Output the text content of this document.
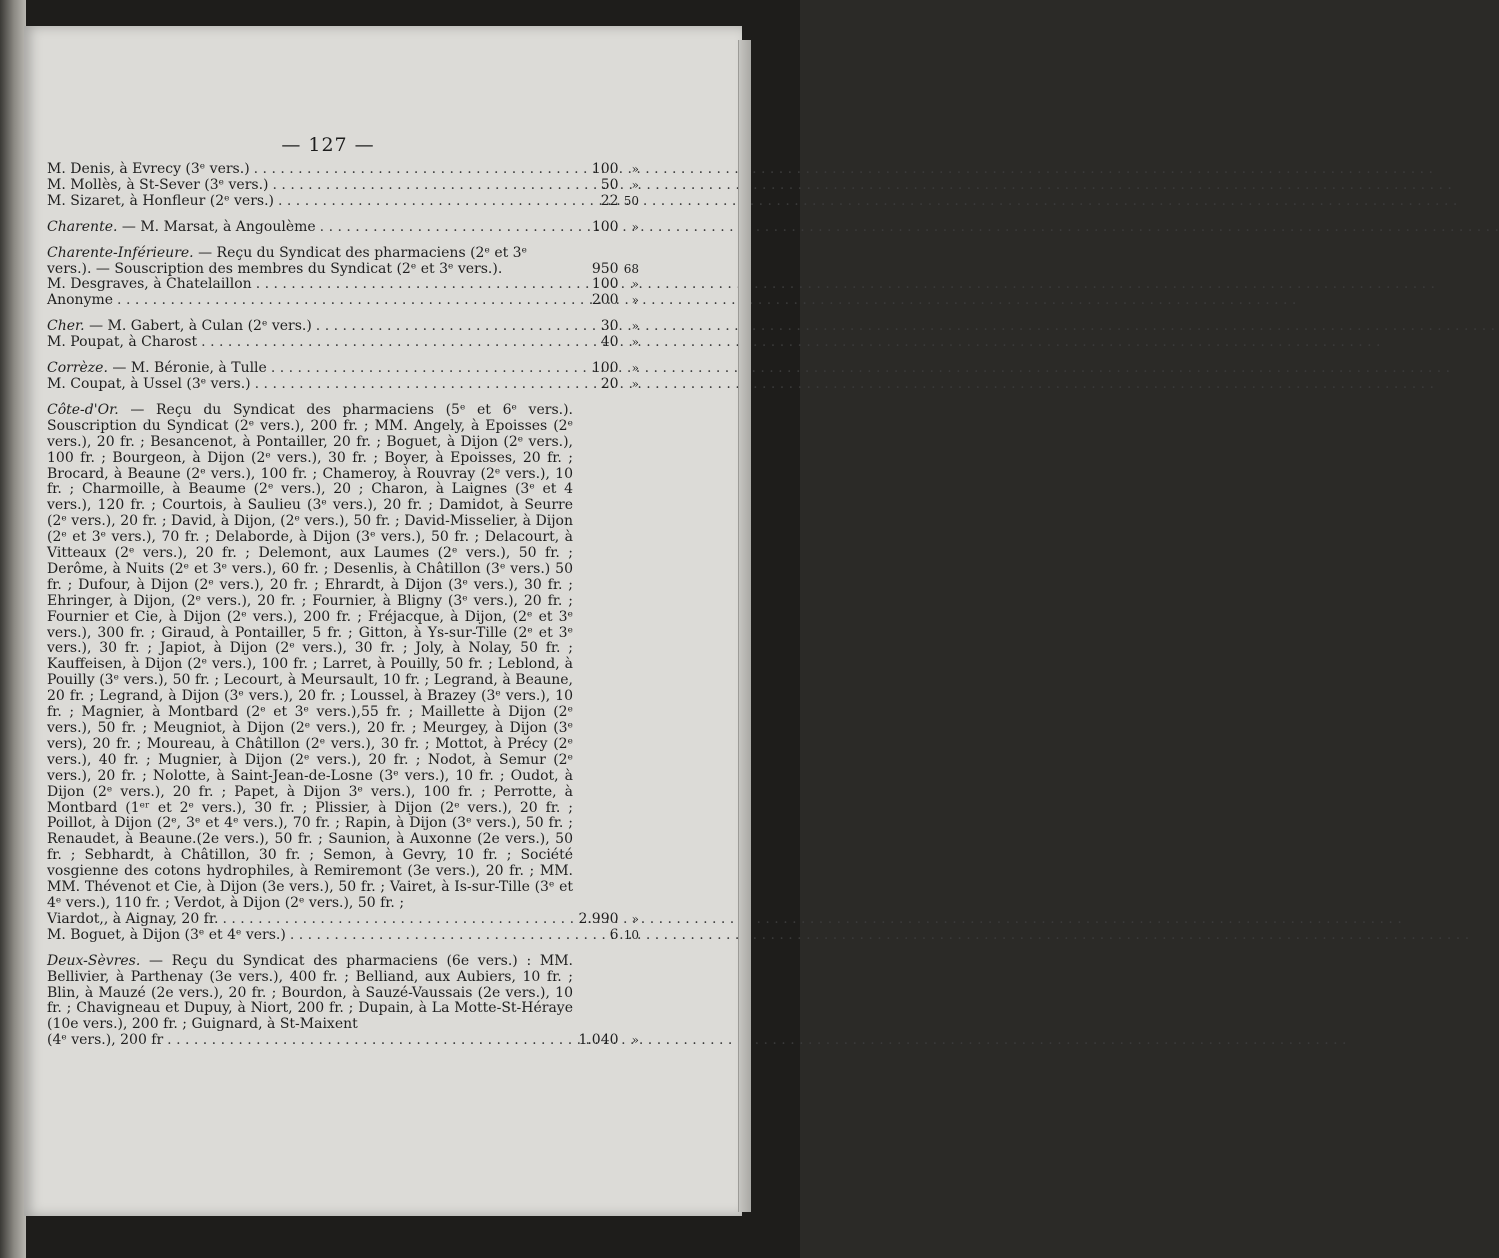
— 127 —
M. Denis, à Evrecy (3ᵉ vers.) . . .	100 »
M. Mollès, à St-Sever (3ᵉ vers.) . . .	50 »
M. Sizaret, à Honfleur (2ᵉ vers.) . . .	22 50
Charente. — M. Marsat, à Angoulème . . .	100 »
Charente-Inférieure. — Reçu du Syndicat des pharmaciens (2ᵉ et 3ᵉ

vers.). — Souscription des membres du Syndicat (2ᵉ et 3ᵉ vers.).	950 68
M. Desgraves, à Chatelaillon . . .	100 »
Anonyme . . .	200 »
Cher. — M. Gabert, à Culan (2ᵉ vers.) . . .	30 »
M. Poupat, à Charost . . .	40 »
Corrèze. — M. Béronie, à Tulle . . .	100 »
M. Coupat, à Ussel (3ᵉ vers.) . . .	20 »
Côte-d'Or. — Reçu du Syndicat des pharmaciens (5ᵉ et 6ᵉ vers.). Souscription du Syndicat (2ᵉ vers.), 200 fr. ; MM. Angely, à Epoisses (2ᵉ vers.), 20 fr. ; Besancenot, à Pontailler, 20 fr. ; Boguet, à Dijon (2ᵉ vers.), 100 fr. ; Bourgeon, à Dijon (2ᵉ vers.), 30 fr. ; Boyer, à Epoisses, 20 fr. ; Brocard, à Beaune (2ᵉ vers.), 100 fr. ; Chameroy, à Rouvray (2ᵉ vers.), 10 fr. ; Charmoille, à Beaume (2ᵉ vers.), 20 ; Charon, à Laignes (3ᵉ et 4 vers.), 120 fr. ; Courtois, à Saulieu (3ᵉ vers.), 20 fr. ; Damidot, à Seurre (2ᵉ vers.), 20 fr. ; David, à Dijon, (2ᵉ vers.), 50 fr. ; David-Misselier, à Dijon (2ᵉ et 3ᵉ vers.), 70 fr. ; Delaborde, à Dijon (3ᵉ vers.), 50 fr. ; Delacourt, à Vitteaux (2ᵉ vers.), 20 fr. ; Delemont, aux Laumes (2ᵉ vers.), 50 fr. ; Derôme, à Nuits (2ᵉ et 3ᵉ vers.), 60 fr. ; Desenlis, à Châtillon (3ᵉ vers.) 50 fr. ; Dufour, à Dijon (2ᵉ vers.), 20 fr. ; Ehrardt, à Dijon (3ᵉ vers.), 30 fr. ; Ehringer, à Dijon, (2ᵉ vers.), 20 fr. ; Fournier, à Bligny (3ᵉ vers.), 20 fr. ; Fournier et Cie, à Dijon (2ᵉ vers.), 200 fr. ; Fréjacque, à Dijon, (2ᵉ et 3ᵉ vers.), 300 fr. ; Giraud, à Pontailler, 5 fr. ; Gitton, à Ys-sur-Tille (2ᵉ et 3ᵉ vers.), 30 fr. ; Japiot, à Dijon (2ᵉ vers.), 30 fr. ; Joly, à Nolay, 50 fr. ; Kauffeisen, à Dijon (2ᵉ vers.), 100 fr. ; Larret, à Pouilly, 50 fr. ; Leblond, à Pouilly (3ᵉ vers.), 50 fr. ; Lecourt, à Meursault, 10 fr. ; Legrand, à Beaune, 20 fr. ; Legrand, à Dijon (3ᵉ vers.), 20 fr. ; Loussel, à Brazey (3ᵉ vers.), 10 fr. ; Magnier, à Montbard (2ᵉ et 3ᵉ vers.),55 fr. ; Maillette à Dijon (2ᵉ vers.), 50 fr. ; Meugniot, à Dijon (2ᵉ vers.), 20 fr. ; Meurgey, à Dijon (3ᵉ vers), 20 fr. ; Moureau, à Châtillon (2ᵉ vers.), 30 fr. ; Mottot, à Précy (2ᵉ vers.), 40 fr. ; Mugnier, à Dijon (2ᵉ vers.), 20 fr. ; Nodot, à Semur (2ᵉ vers.), 20 fr. ; Nolotte, à Saint-Jean-de-Losne (3ᵉ vers.), 10 fr. ; Oudot, à Dijon (2ᵉ vers.), 20 fr. ; Papet, à Dijon 3ᵉ vers.), 100 fr. ; Perrotte, à Montbard (1ᵉʳ et 2ᵉ vers.), 30 fr. ; Plissier, à Dijon (2ᵉ vers.), 20 fr. ; Poillot, à Dijon (2ᵉ, 3ᵉ et 4ᵉ vers.), 70 fr. ; Rapin, à Dijon (3ᵉ vers.), 50 fr. ; Renaudet, à Beaune.(2e vers.), 50 fr. ; Saunion, à Auxonne (2e vers.), 50 fr. ; Sebhardt, à Châtillon, 30 fr. ; Semon, à Gevry, 10 fr. ; Société vosgienne des cotons hydrophiles, à Remiremont (3e vers.), 20 fr. ; MM. MM. Thévenot et Cie, à Dijon (3e vers.), 50 fr. ; Vairet, à Is-sur-Tille (3ᵉ et 4ᵉ vers.), 110 fr. ; Verdot, à Dijon (2ᵉ vers.), 50 fr. ;
Viardot,, à Aignay, 20 fr. . . .	2.990 »
M. Boguet, à Dijon (3ᵉ et 4ᵉ vers.) . . .	6 10
Deux-Sèvres. — Reçu du Syndicat des pharmaciens (6e vers.) : MM. Bellivier, à Parthenay (3e vers.), 400 fr. ; Belliand, aux Aubiers, 10 fr. ; Blin, à Mauzé (2e vers.), 20 fr. ; Bourdon, à Sauzé-Vaussais (2e vers.), 10 fr. ; Chavigneau et Dupuy, à Niort, 200 fr. ; Dupain, à La Motte-St-Héraye (10e vers.), 200 fr. ; Guignard, à St-Maixent
(4ᵉ vers.), 200 fr . . .	1.040 »
